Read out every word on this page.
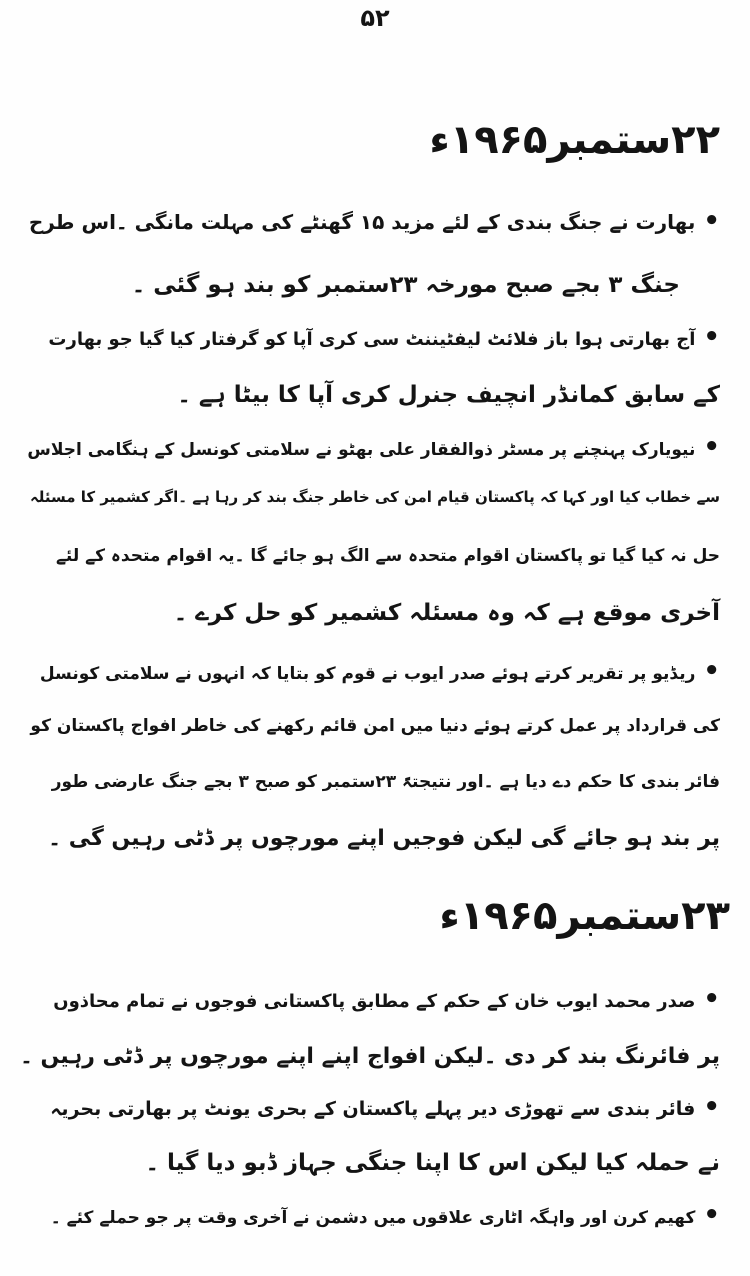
۵۲
۲۲ستمبر۱۹۶۵ء
•بھارت نے جنگ بندی کے لئے مزید ۱۵ گھنٹے کی مہلت مانگی ۔اس طرح
جنگ ۳ بجے صبح مورخہ ۲۳ستمبر کو بند ہو گئی ۔
•آج بھارتی ہوا باز فلائٹ لیفٹیننٹ سی کری آپا کو گرفتار کیا گیا جو بھارت
کے سابق کمانڈر انچیف جنرل کری آپا کا بیٹا ہے ۔
•نیویارک پہنچنے پر مسٹر ذوالفقار علی بھٹو نے سلامتی کونسل کے ہنگامی اجلاس
سے خطاب کیا اور کہا کہ پاکستان قیام امن کی خاطر جنگ بند کر رہا ہے ۔اگر کشمیر کا مسئلہ
حل نہ کیا گیا تو پاکستان اقوام متحدہ سے الگ ہو جائے گا ۔یہ اقوام متحدہ کے لئے
آخری موقع ہے کہ وہ مسئلہ کشمیر کو حل کرے ۔
•ریڈیو پر تقریر کرتے ہوئے صدر ایوب نے قوم کو بتایا کہ انہوں نے سلامتی کونسل
کی قرارداد پر عمل کرتے ہوئے دنیا میں امن قائم رکھنے کی خاطر افواج پاکستان کو
فائر بندی کا حکم دے دیا ہے ۔اور نتیجتہً ۲۳ستمبر کو صبح ۳ بجے جنگ عارضی طور
پر بند ہو جائے گی لیکن فوجیں اپنے مورچوں پر ڈٹی رہیں گی ۔
۲۳ستمبر۱۹۶۵ء
•صدر محمد ایوب خان کے حکم کے مطابق پاکستانی فوجوں نے تمام محاذوں
پر فائرنگ بند کر دی ۔لیکن افواج اپنے اپنے مورچوں پر ڈٹی رہیں ۔
•فائر بندی سے تھوڑی دیر پہلے پاکستان کے بحری یونٹ پر بھارتی بحریہ
نے حملہ کیا لیکن اس کا اپنا جنگی جہاز ڈبو دیا گیا ۔
•کھیم کرن اور واہگہ اٹاری علاقوں میں دشمن نے آخری وقت پر جو حملے کئے ۔
